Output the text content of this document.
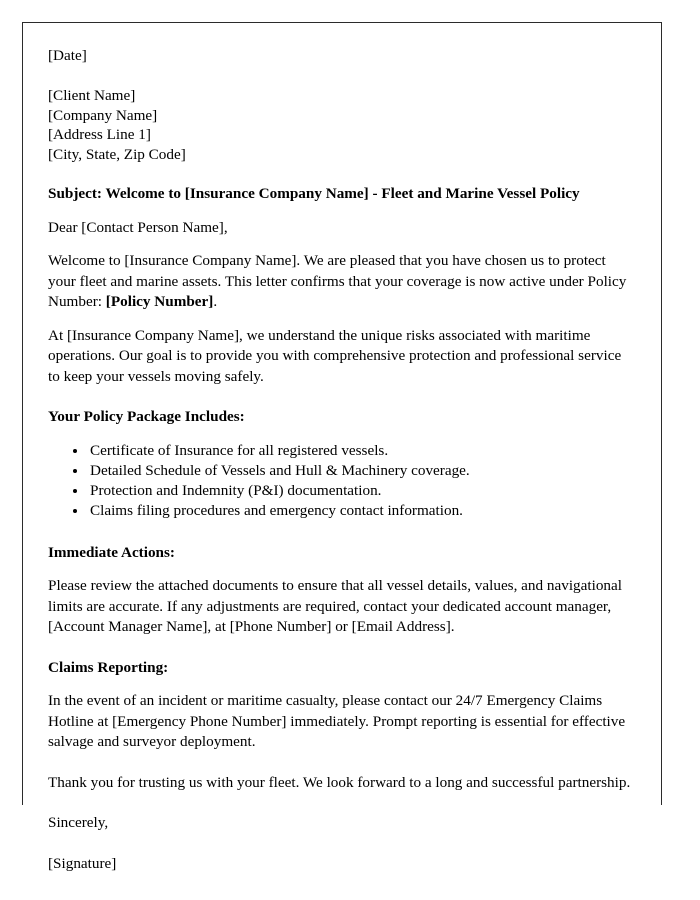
[Date]
[Client Name]
[Company Name]
[Address Line 1]
[City, State, Zip Code]
Subject: Welcome to [Insurance Company Name] - Fleet and Marine Vessel Policy

Dear [Contact Person Name],

Welcome to [Insurance Company Name]. We are pleased that you have chosen us to protect your fleet and marine assets. This letter confirms that your coverage is now active under Policy Number: [Policy Number].

At [Insurance Company Name], we understand the unique risks associated with maritime operations. Our goal is to provide you with comprehensive protection and professional service to keep your vessels moving safely.

Your Policy Package Includes:

• Certificate of Insurance for all registered vessels.
• Detailed Schedule of Vessels and Hull & Machinery coverage.
• Protection and Indemnity (P&I) documentation.
• Claims filing procedures and emergency contact information.

Immediate Actions:

Please review the attached documents to ensure that all vessel details, values, and navigational limits are accurate. If any adjustments are required, contact your dedicated account manager, [Account Manager Name], at [Phone Number] or [Email Address].

Claims Reporting:

In the event of an incident or maritime casualty, please contact our 24/7 Emergency Claims Hotline at [Emergency Phone Number] immediately. Prompt reporting is essential for effective salvage and surveyor deployment.

Thank you for trusting us with your fleet. We look forward to a long and successful partnership.

Sincerely,

[Signature]
